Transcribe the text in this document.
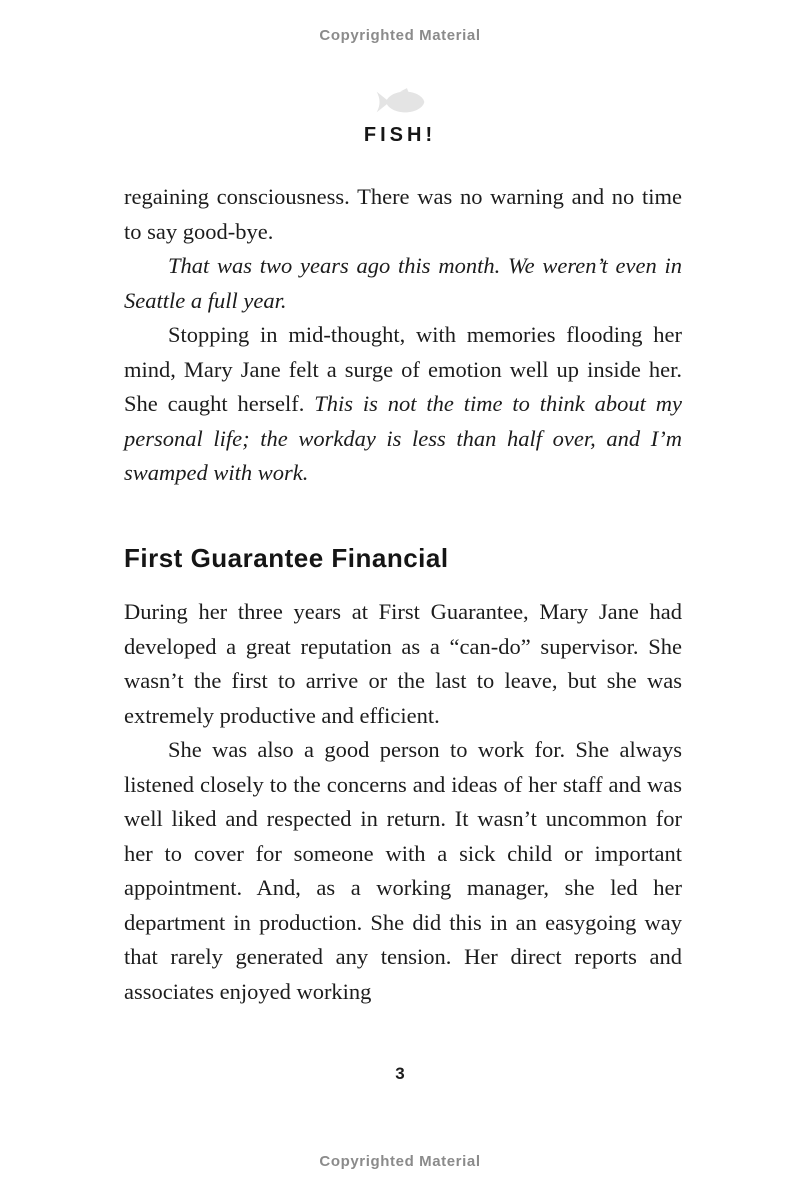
Copyrighted Material
FISH!

regaining consciousness. There was no warning and no time to say good-bye.

That was two years ago this month. We weren’t even in Seattle a full year.

Stopping in mid-thought, with memories flooding her mind, Mary Jane felt a surge of emotion well up inside her. She caught herself. This is not the time to think about my personal life; the workday is less than half over, and I’m swamped with work.

First Guarantee Financial

During her three years at First Guarantee, Mary Jane had developed a great reputation as a “can-do” supervisor. She wasn’t the first to arrive or the last to leave, but she was extremely productive and efficient.

She was also a good person to work for. She always listened closely to the concerns and ideas of her staff and was well liked and respected in return. It wasn’t uncommon for her to cover for someone with a sick child or important appointment. And, as a working manager, she led her department in production. She did this in an easygoing way that rarely generated any tension. Her direct reports and associates enjoyed working

3
Copyrighted Material
